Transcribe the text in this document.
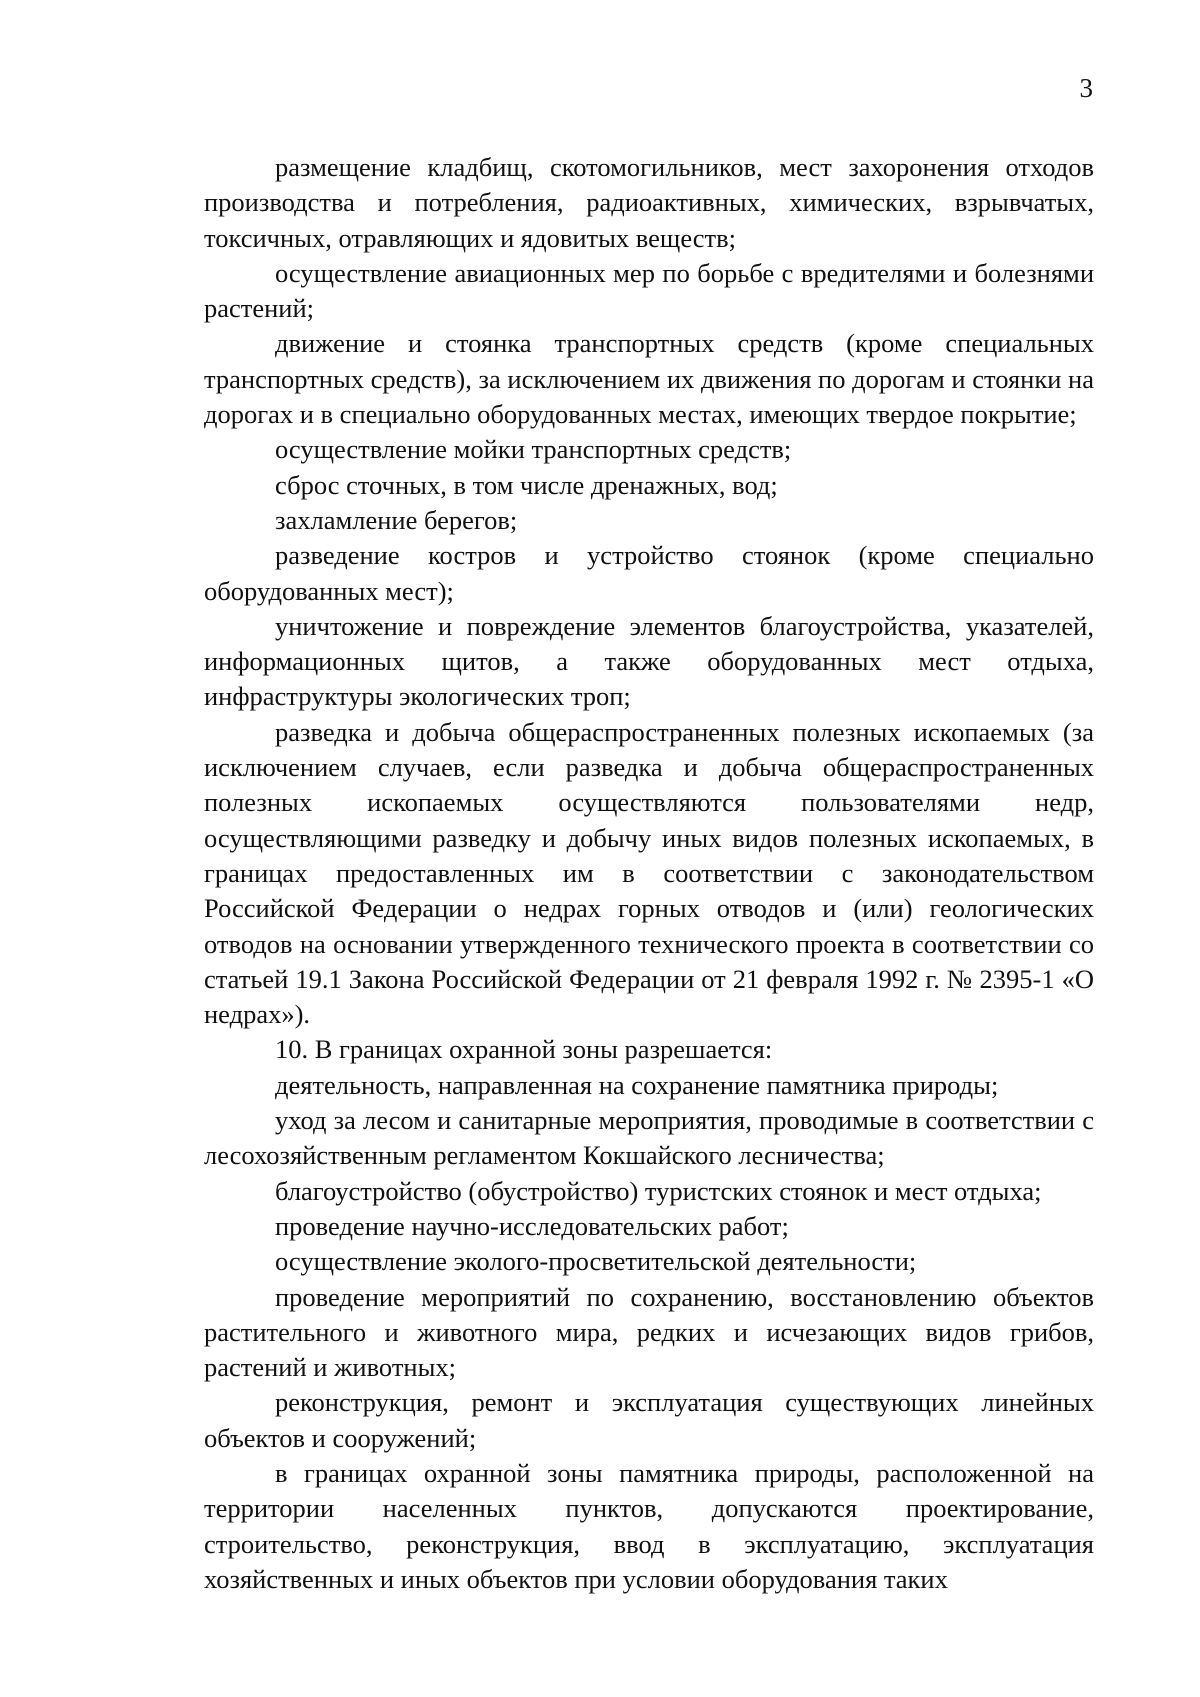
3

размещение кладбищ, скотомогильников, мест захоронения отходов производства и потребления, радиоактивных, химических, взрывчатых, токсичных, отравляющих и ядовитых веществ;

осуществление авиационных мер по борьбе с вредителями и болезнями растений;

движение и стоянка транспортных средств (кроме специальных транспортных средств), за исключением их движения по дорогам и стоянки на дорогах и в специально оборудованных местах, имеющих твердое покрытие;

осуществление мойки транспортных средств;

сброс сточных, в том числе дренажных, вод;

захламление берегов;

разведение костров и устройство стоянок (кроме специально оборудованных мест);

уничтожение и повреждение элементов благоустройства, указателей, информационных щитов, а также оборудованных мест отдыха, инфраструктуры экологических троп;

разведка и добыча общераспространенных полезных ископаемых (за исключением случаев, если разведка и добыча общераспространенных полезных ископаемых осуществляются пользователями недр, осуществляющими разведку и добычу иных видов полезных ископаемых, в границах предоставленных им в соответствии с законодательством Российской Федерации о недрах горных отводов и (или) геологических отводов на основании утвержденного технического проекта в соответствии со статьей 19.1 Закона Российской Федерации от 21 февраля 1992 г. № 2395-1 «О недрах»).

10. В границах охранной зоны разрешается:

деятельность, направленная на сохранение памятника природы;

уход за лесом и санитарные мероприятия, проводимые в соответствии с лесохозяйственным регламентом Кокшайского лесничества;

благоустройство (обустройство) туристских стоянок и мест отдыха;

проведение научно-исследовательских работ;

осуществление эколого-просветительской деятельности;

проведение мероприятий по сохранению, восстановлению объектов растительного и животного мира, редких и исчезающих видов грибов, растений и животных;

реконструкция, ремонт и эксплуатация существующих линейных объектов и сооружений;

в границах охранной зоны памятника природы, расположенной на территории населенных пунктов, допускаются проектирование, строительство, реконструкция, ввод в эксплуатацию, эксплуатация хозяйственных и иных объектов при условии оборудования таких
